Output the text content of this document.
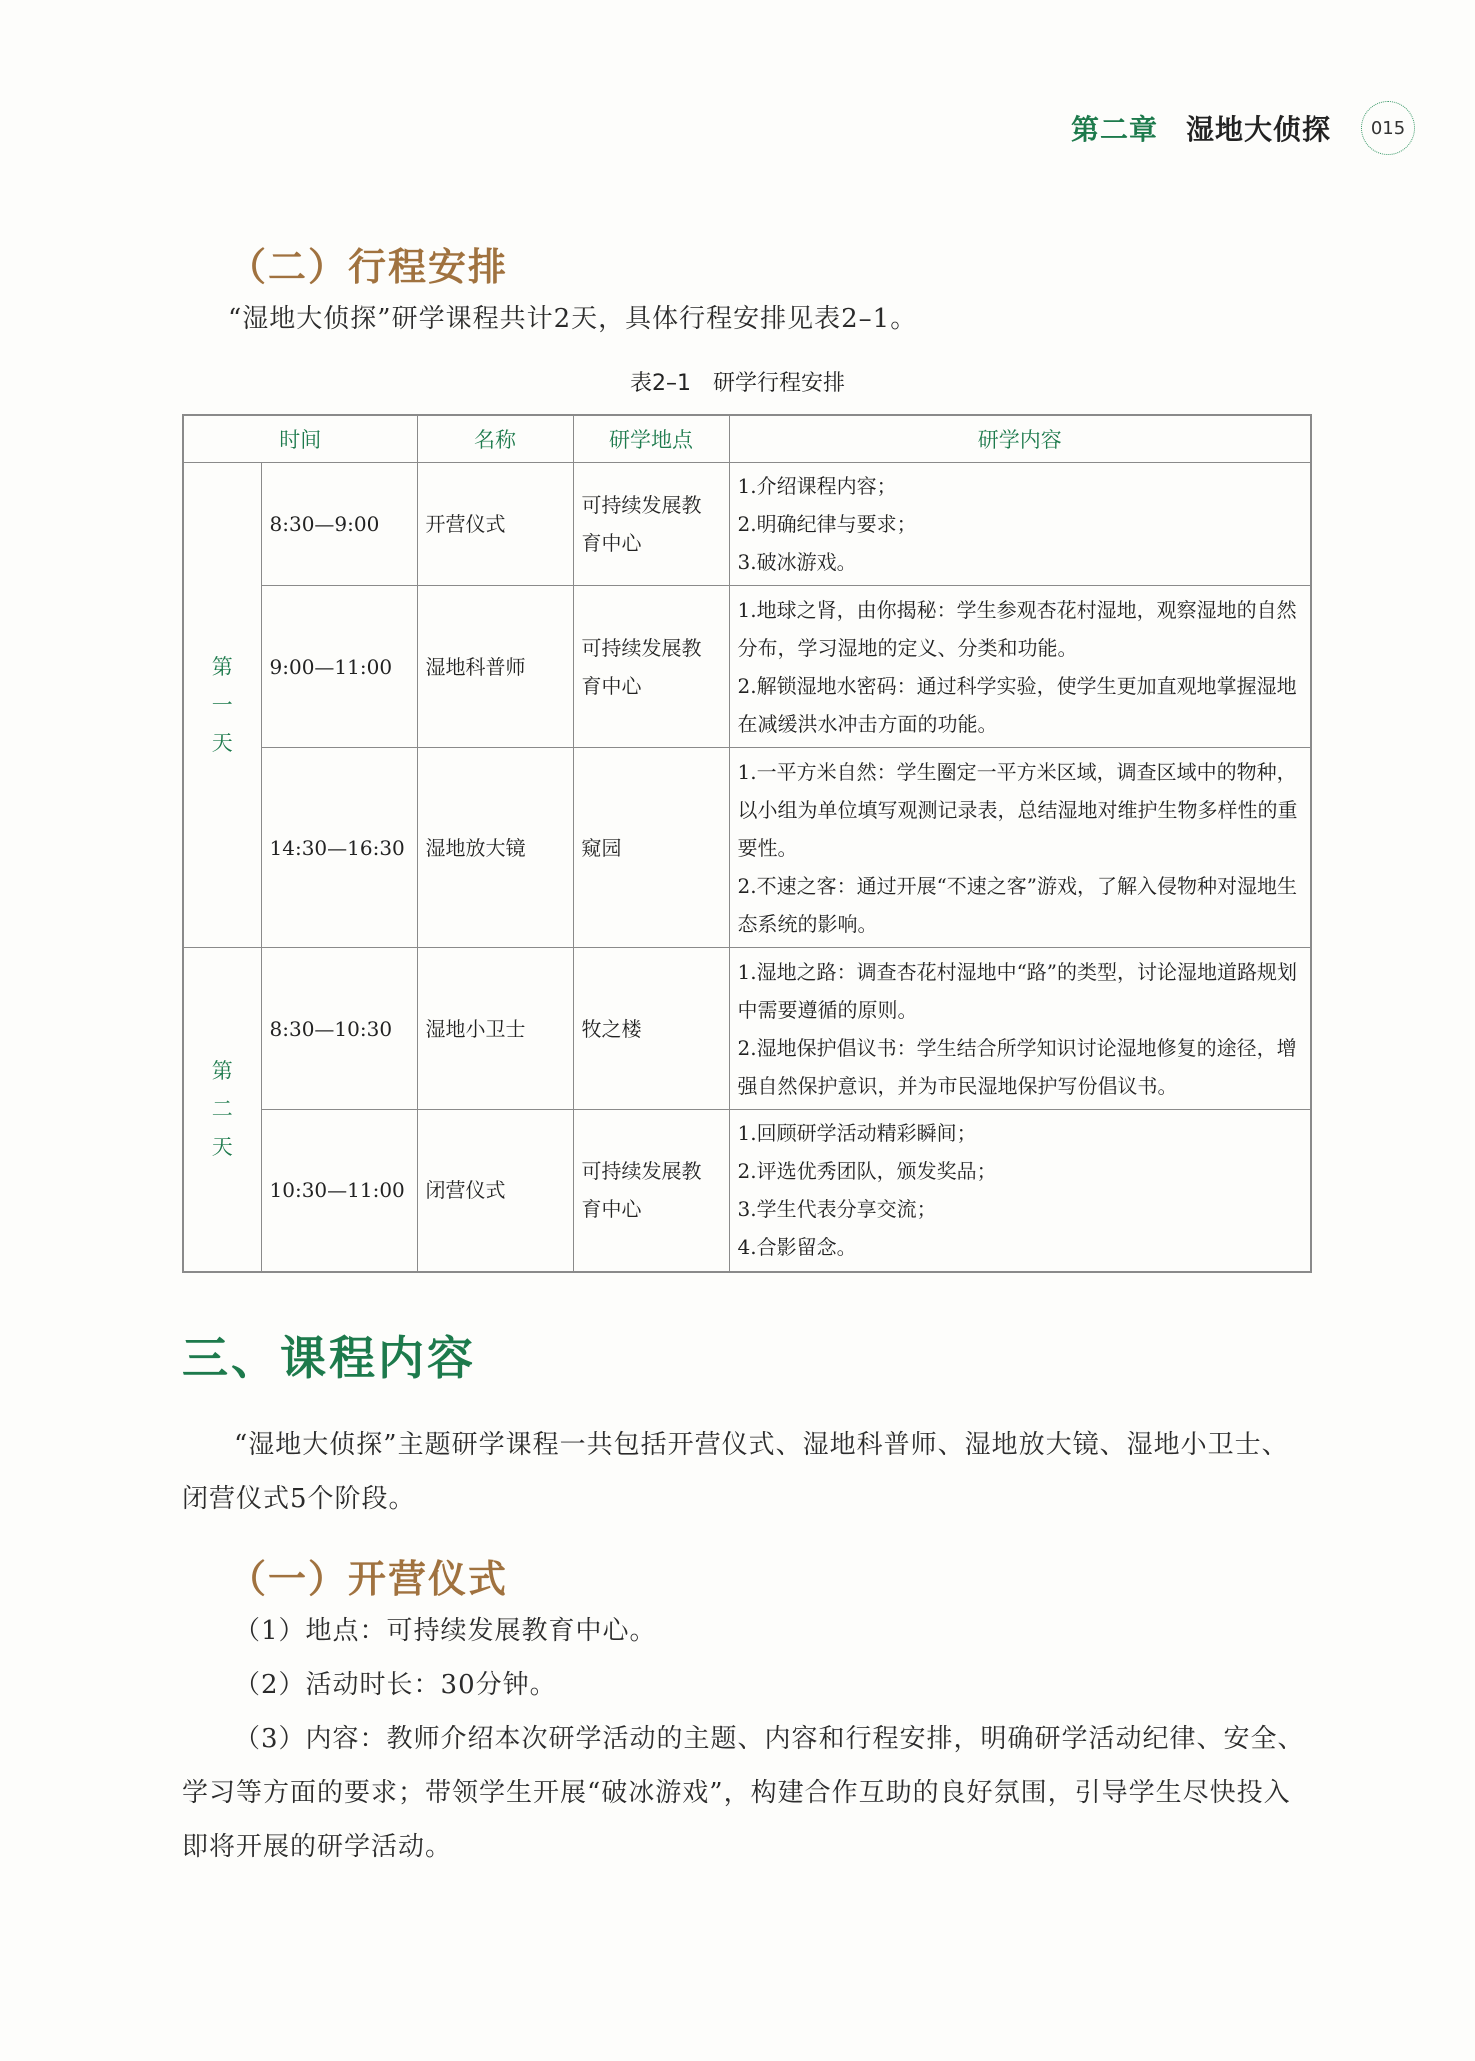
第二章 湿地大侦探	015
（二）行程安排

“湿地大侦探”研学课程共计2天，具体行程安排见表2–1。

表2–1　研学行程安排
时间		名称	研学地点	研学内容

第一天	8:30—9:00	开营仪式	可持续发展教育中心	1.介绍课程内容；
2.明确纪律与要求；
3.破冰游戏。

	9:00—11:00	湿地科普师	可持续发展教育中心	1.地球之肾，由你揭秘：学生参观杏花村湿地，观察湿地的自然分布，学习湿地的定义、分类和功能。
2.解锁湿地水密码：通过科学实验，使学生更加直观地掌握湿地在减缓洪水冲击方面的功能。

	14:30—16:30	湿地放大镜	窥园	1.一平方米自然：学生圈定一平方米区域，调查区域中的物种，以小组为单位填写观测记录表，总结湿地对维护生物多样性的重要性。
2.不速之客：通过开展“不速之客”游戏，了解入侵物种对湿地生态系统的影响。

第二天	8:30—10:30	湿地小卫士	牧之楼	1.湿地之路：调查杏花村湿地中“路”的类型，讨论湿地道路规划中需要遵循的原则。
2.湿地保护倡议书：学生结合所学知识讨论湿地修复的途径，增强自然保护意识，并为市民湿地保护写份倡议书。

	10:30—11:00	闭营仪式	可持续发展教育中心	1.回顾研学活动精彩瞬间；
2.评选优秀团队，颁发奖品；
3.学生代表分享交流；
4.合影留念。
三、课程内容

“湿地大侦探”主题研学课程一共包括开营仪式、湿地科普师、湿地放大镜、湿地小卫士、闭营仪式5个阶段。

（一）开营仪式

（1）地点：可持续发展教育中心。

（2）活动时长：30分钟。

（3）内容：教师介绍本次研学活动的主题、内容和行程安排，明确研学活动纪律、安全、学习等方面的要求；带领学生开展“破冰游戏”，构建合作互助的良好氛围，引导学生尽快投入即将开展的研学活动。
